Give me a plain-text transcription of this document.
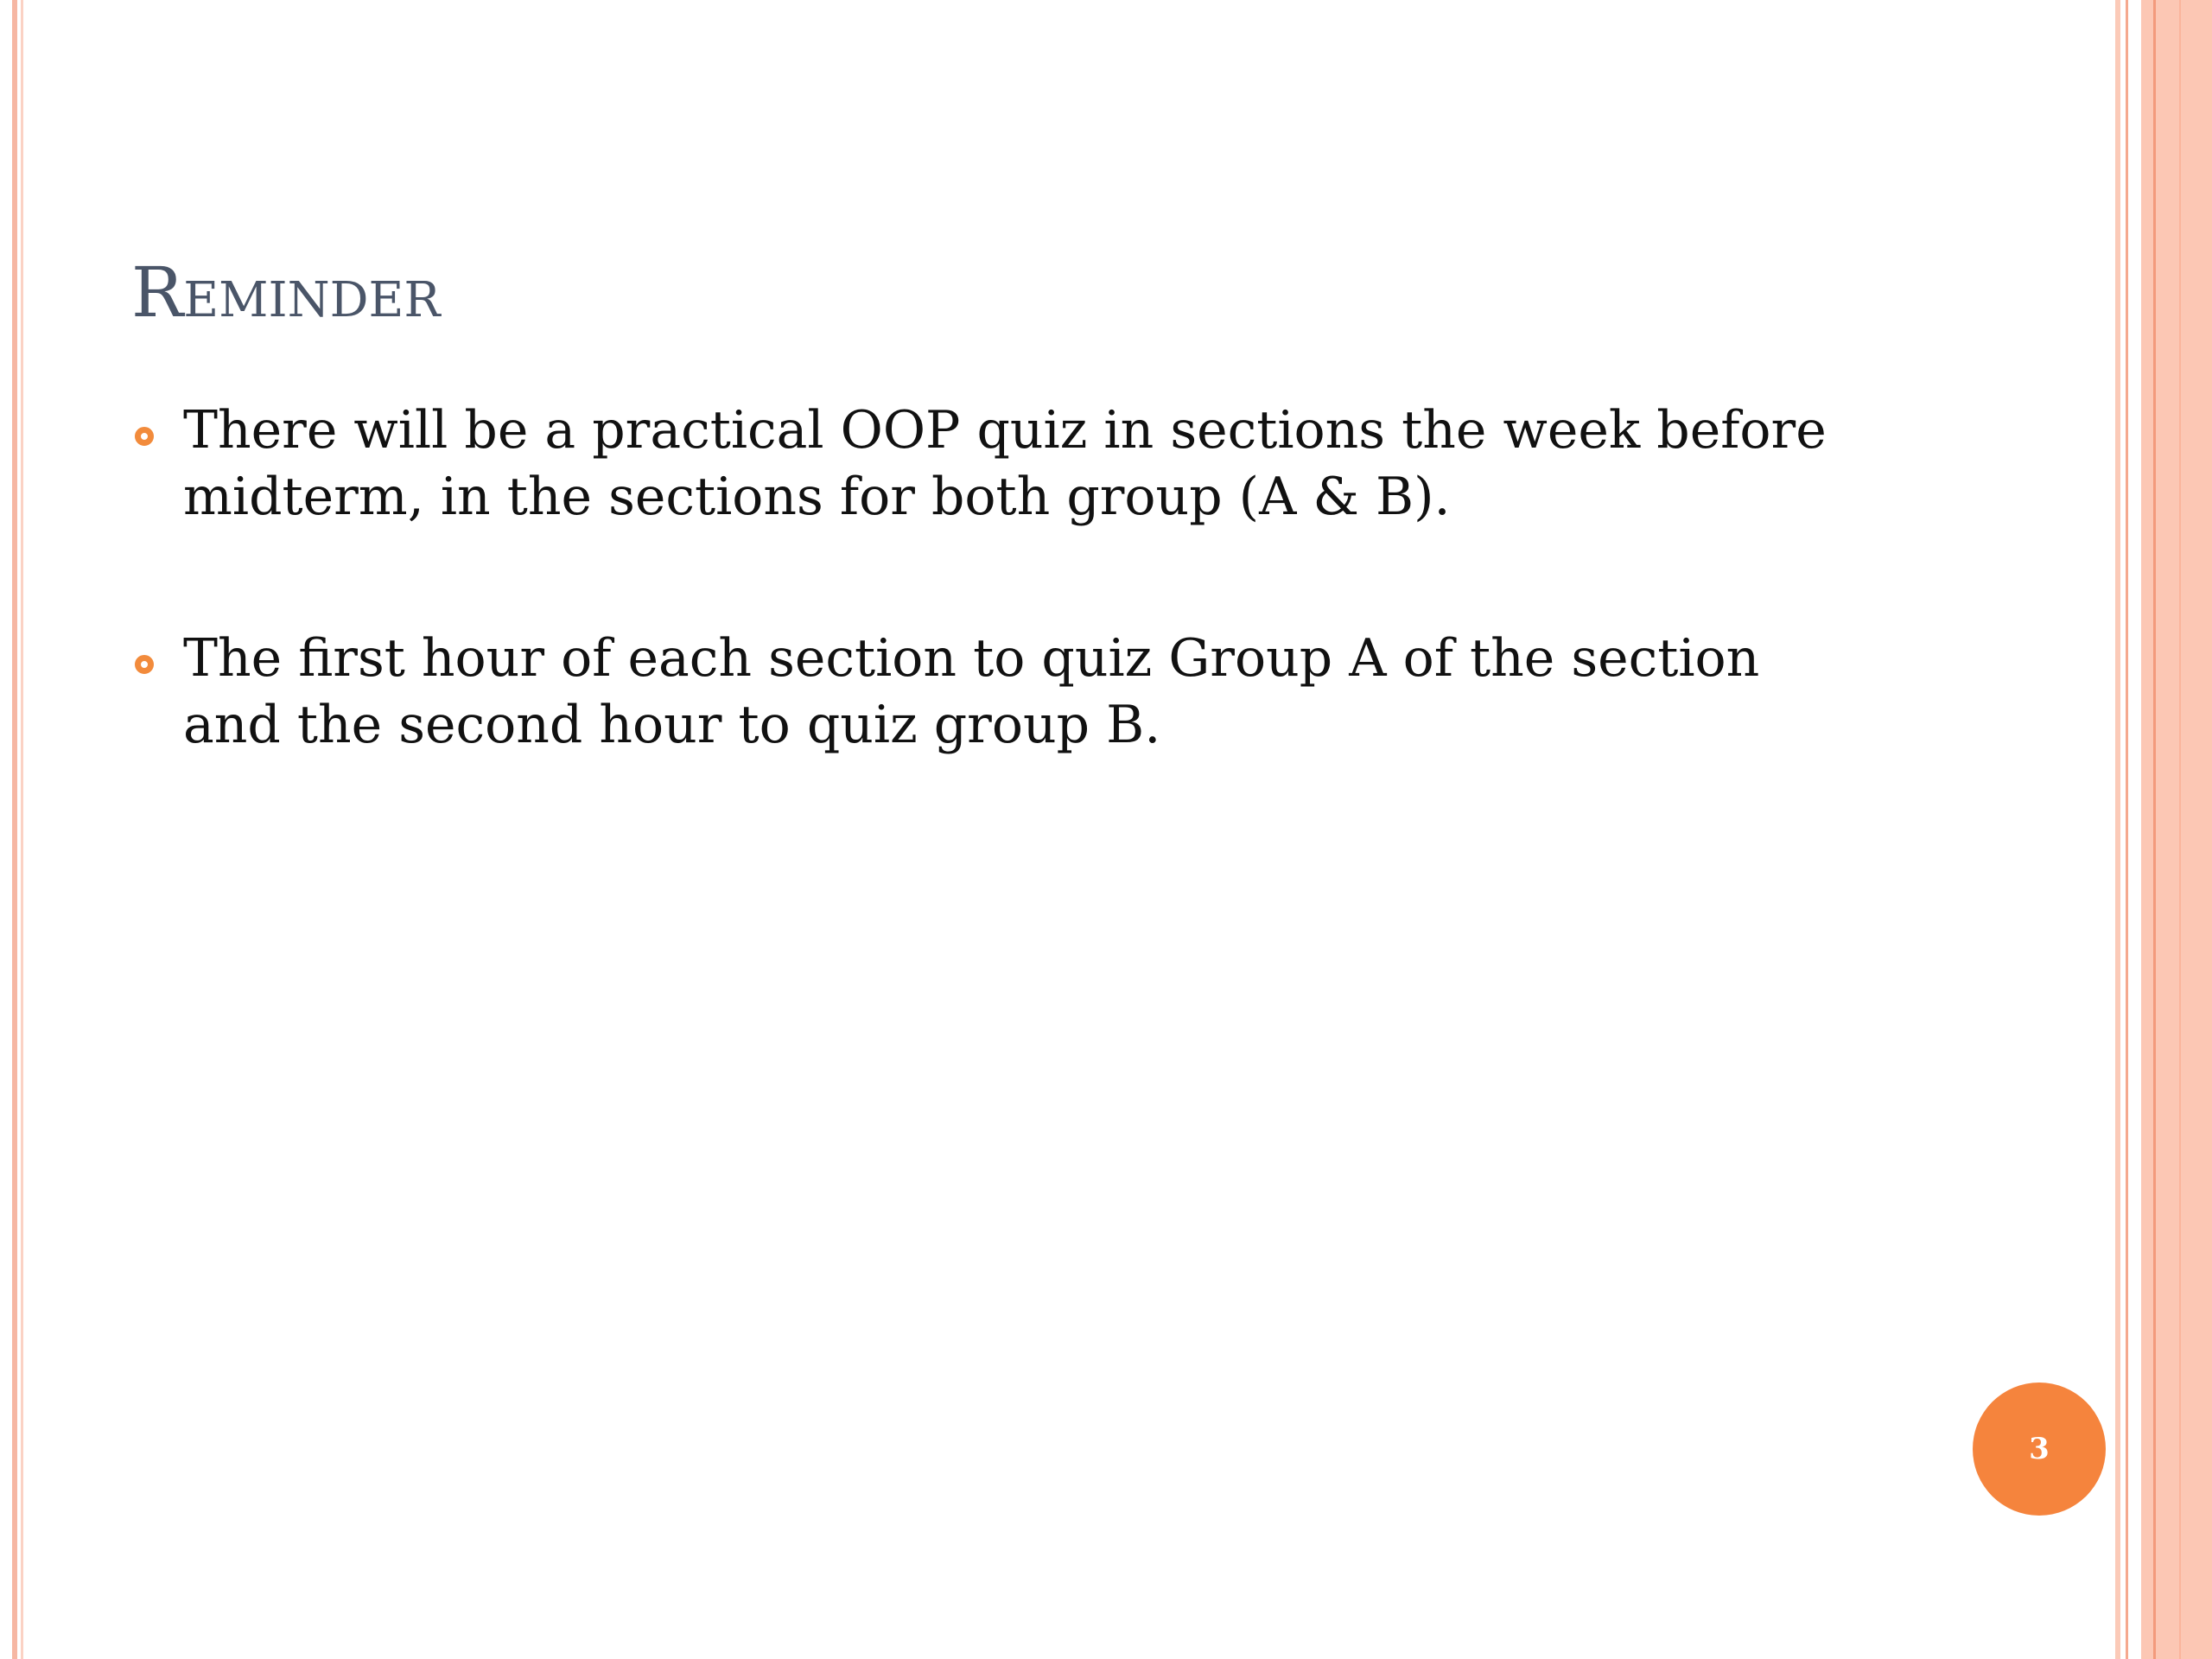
Reminder
There will be a practical OOP quiz in sections the week before midterm, in the sections for both group (A & B).
The first hour of each section to quiz Group A of the section and the second hour to quiz group B.
3
